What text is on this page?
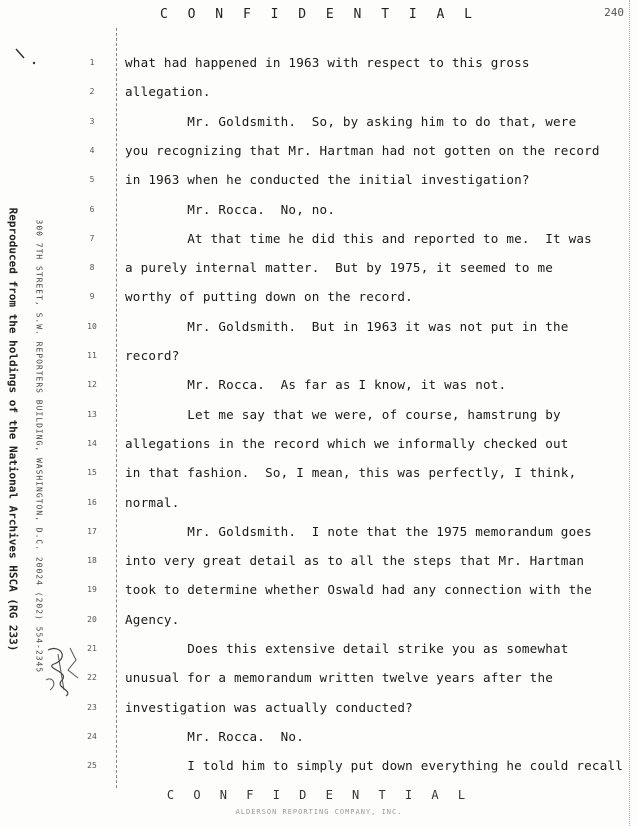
C O N F I D E N T I A L	240
300 7TH STREET, S.W. REPORTERS BUILDING, WASHINGTON, D.C. 20024 (202) 554-2345
Reproduced from the holdings of the National Archives HSCA (RG 233)
1	what had happened in 1963 with respect to this gross
2	allegation.
3	Mr. Goldsmith.  So, by asking him to do that, were
4	you recognizing that Mr. Hartman had not gotten on the record
5	in 1963 when he conducted the initial investigation?
6	Mr. Rocca.  No, no.
7	At that time he did this and reported to me.  It was
8	a purely internal matter.  But by 1975, it seemed to me
9	worthy of putting down on the record.
10 Mr. Goldsmith.  But in 1963 it was not put in the
11 record?
12 Mr. Rocca.  As far as I know, it was not.
13 Let me say that we were, of course, hamstrung by
14 allegations in the record which we informally checked out
15 in that fashion.  So, I mean, this was perfectly, I think,
16 normal.
17 Mr. Goldsmith.  I note that the 1975 memorandum goes
18 into very great detail as to all the steps that Mr. Hartman
19 took to determine whether Oswald had any connection with the
20 Agency.
21 Does this extensive detail strike you as somewhat
22 unusual for a memorandum written twelve years after the
23 investigation was actually conducted?
24 Mr. Rocca.  No.
25 I told him to simply put down everything he could recall
C O N F I D E N T I A L
ALDERSON REPORTING COMPANY, INC.
